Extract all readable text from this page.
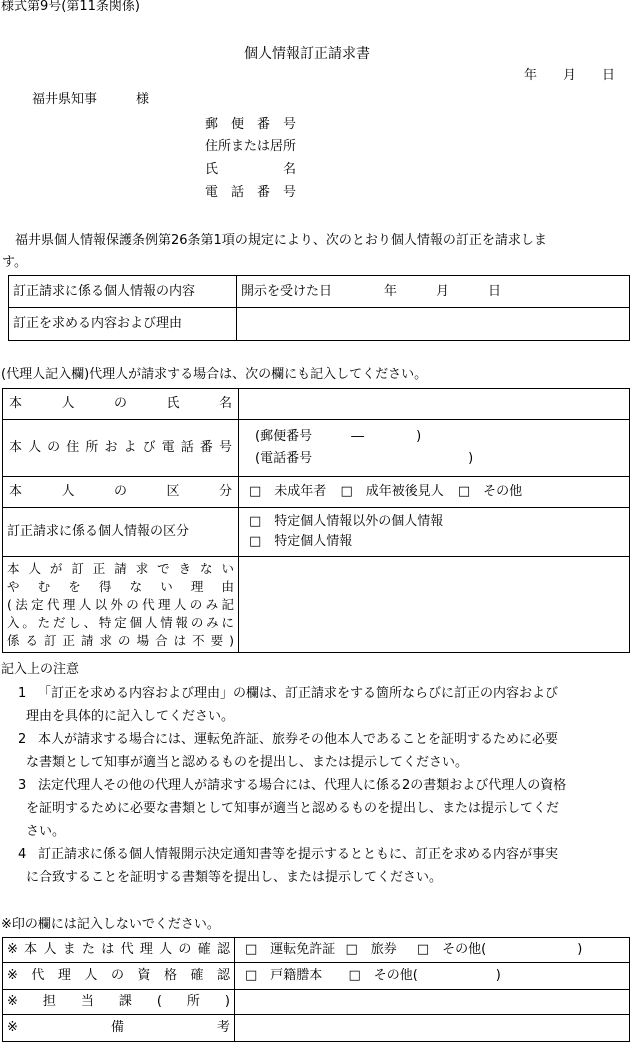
様式第9号(第11条関係)
個人情報訂正請求書
年　　月　　日
福井県知事　　　様
郵　便　番　号
住所または居所
氏　　　　　名
電　話　番　号
　福井県個人情報保護条例第26条第1項の規定により、次のとおり個人情報の訂正を請求しま
す。
訂正請求に係る個人情報の内容	開示を受けた日　　　　年　　　月　　　日
訂正を求める内容および理由	
(代理人記入欄)代理人が請求する場合は、次の欄にも記入してください。
本人の氏名	
本人の住所および電話番号	(郵便番号　　　―　　　　)
(電話番号　　　　　　　　　　　　)

本人の区分	□　未成年者 □　成年被後見人 □　その他
訂正請求に係る個人情報の区分	□　特定個人情報以外の個人情報
□　特定個人情報

本人が訂正請求できない
やむを得ない理由
(法定代理人以外の代理人のみ記
入。ただし、特定個人情報のみに
係る訂正請求の場合は不要)	

記入上の注意
1 「訂正を求める内容および理由」の欄は、訂正請求をする箇所ならびに訂正の内容および
理由を具体的に記入してください。
2 本人が請求する場合には、運転免許証、旅券その他本人であることを証明するために必要
な書類として知事が適当と認めるものを提出し、または提示してください。
3 法定代理人その他の代理人が請求する場合には、代理人に係る2の書類および代理人の資格
を証明するために必要な書類として知事が適当と認めるものを提出し、または提示してくだ
さい。
4 訂正請求に係る個人情報開示決定通知書等を提示するとともに、訂正を求める内容が事実
に合致することを証明する書類等を提出し、または提示してください。
※印の欄には記入しないでください。
※本人または代理人の確認	□　運転免許証 □　旅券 □　その他(　　　　　　　)
※代理人の資格確認	□　戸籍謄本 □　その他(　　　　　　)
※担当課(所)	
※備考	
